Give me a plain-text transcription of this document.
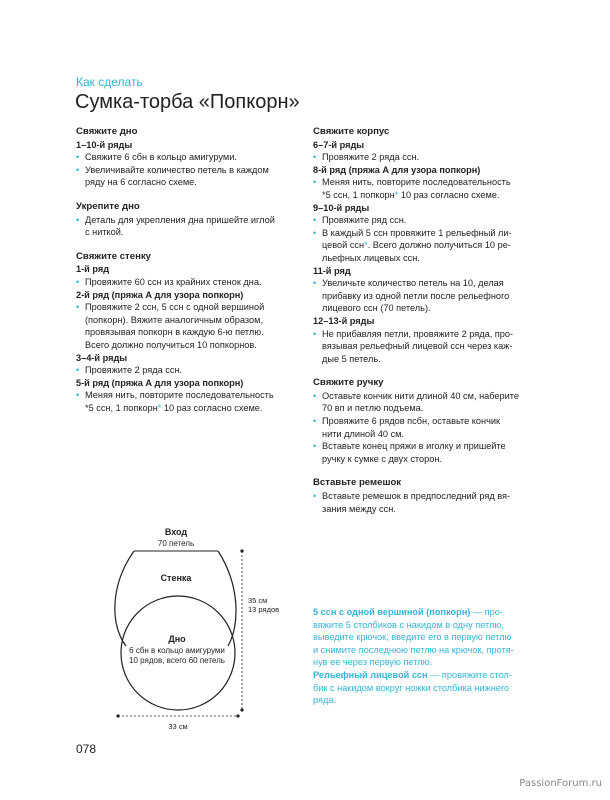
Как сделать
Сумка-торба «Попкорн»

Свяжите дно

1–10-й ряды

• Свяжите 6 сбн в кольцо амигуруми.

• Увеличивайте количество петель в каждом
ряду на 6 согласно схеме.

Укрепите дно

• Деталь для укрепления дна пришейте иглой
с ниткой.

Свяжите стенку

1-й ряд

• Провяжите 60 ссн из крайних стенок дна.

2-й ряд (пряжа А для узора попкорн)

• Провяжите 2 ссн, 5 ссн с одной вершиной
(попкорн). Вяжите аналогичным образом,
провязывая попкорн в каждую 6-ю петлю.
Всего должно получиться 10 попкорнов.

3–4-й ряды

• Провяжите 2 ряда ссн.

5-й ряд (пряжа А для узора попкорн)

• Меняя нить, повторите последовательность
*5 ссн, 1 попкорн* 10 раз согласно схеме.

Свяжите корпус

6–7-й ряды

• Провяжите 2 ряда ссн.

8-й ряд (пряжа А для узора попкорн)

• Меняя нить, повторите последовательность
*5 ссн, 1 попкорн* 10 раз согласно схеме.

9–10-й ряды

• Провяжите ряд ссн.

• В каждый 5 ссн провяжите 1 рельефный ли-
цевой ссн*. Всего должно получиться 10 ре-
льефных лицевых ссн.

11-й ряд

• Увеличьте количество петель на 10, делая
прибавку из одной петли после рельефного
лицевого ссн (70 петель).

12–13-й ряды

• Не прибавляя петли, провяжите 2 ряда, про-
вязывая рельефный лицевой ссн через каж-
дые 5 петель.

Свяжите ручку

• Оставьте кончик нити длиной 40 см, наберите
70 вп и петлю подъема.

• Провяжите 6 рядов псбн, оставьте кончик
нити длиной 40 см.

• Вставьте конец пряжи в иголку и пришейте
ручку к сумке с двух сторон.

Вставьте ремешок

• Вставьте ремешок в предпоследний ряд вя-
зания между ссн.

Вход
70 петель
Стенка
Дно
6 сбн в кольцо амигуруми
10 рядов, всего 60 петель
35 см
13 рядов
33 см

5 ссн с одной вершиной (попкорн) — про-
вяжите 5 столбиков с накидом в одну петлю,
выведите крючок, введите его в первую петлю
и снимите последнюю петлю на крючок, протя-
нув ее через первую петлю.

Рельефный лицевой ссн — провяжите стол-
бик с накидом вокруг ножки столбика нижнего
ряда.

078
PassionForum.ru
